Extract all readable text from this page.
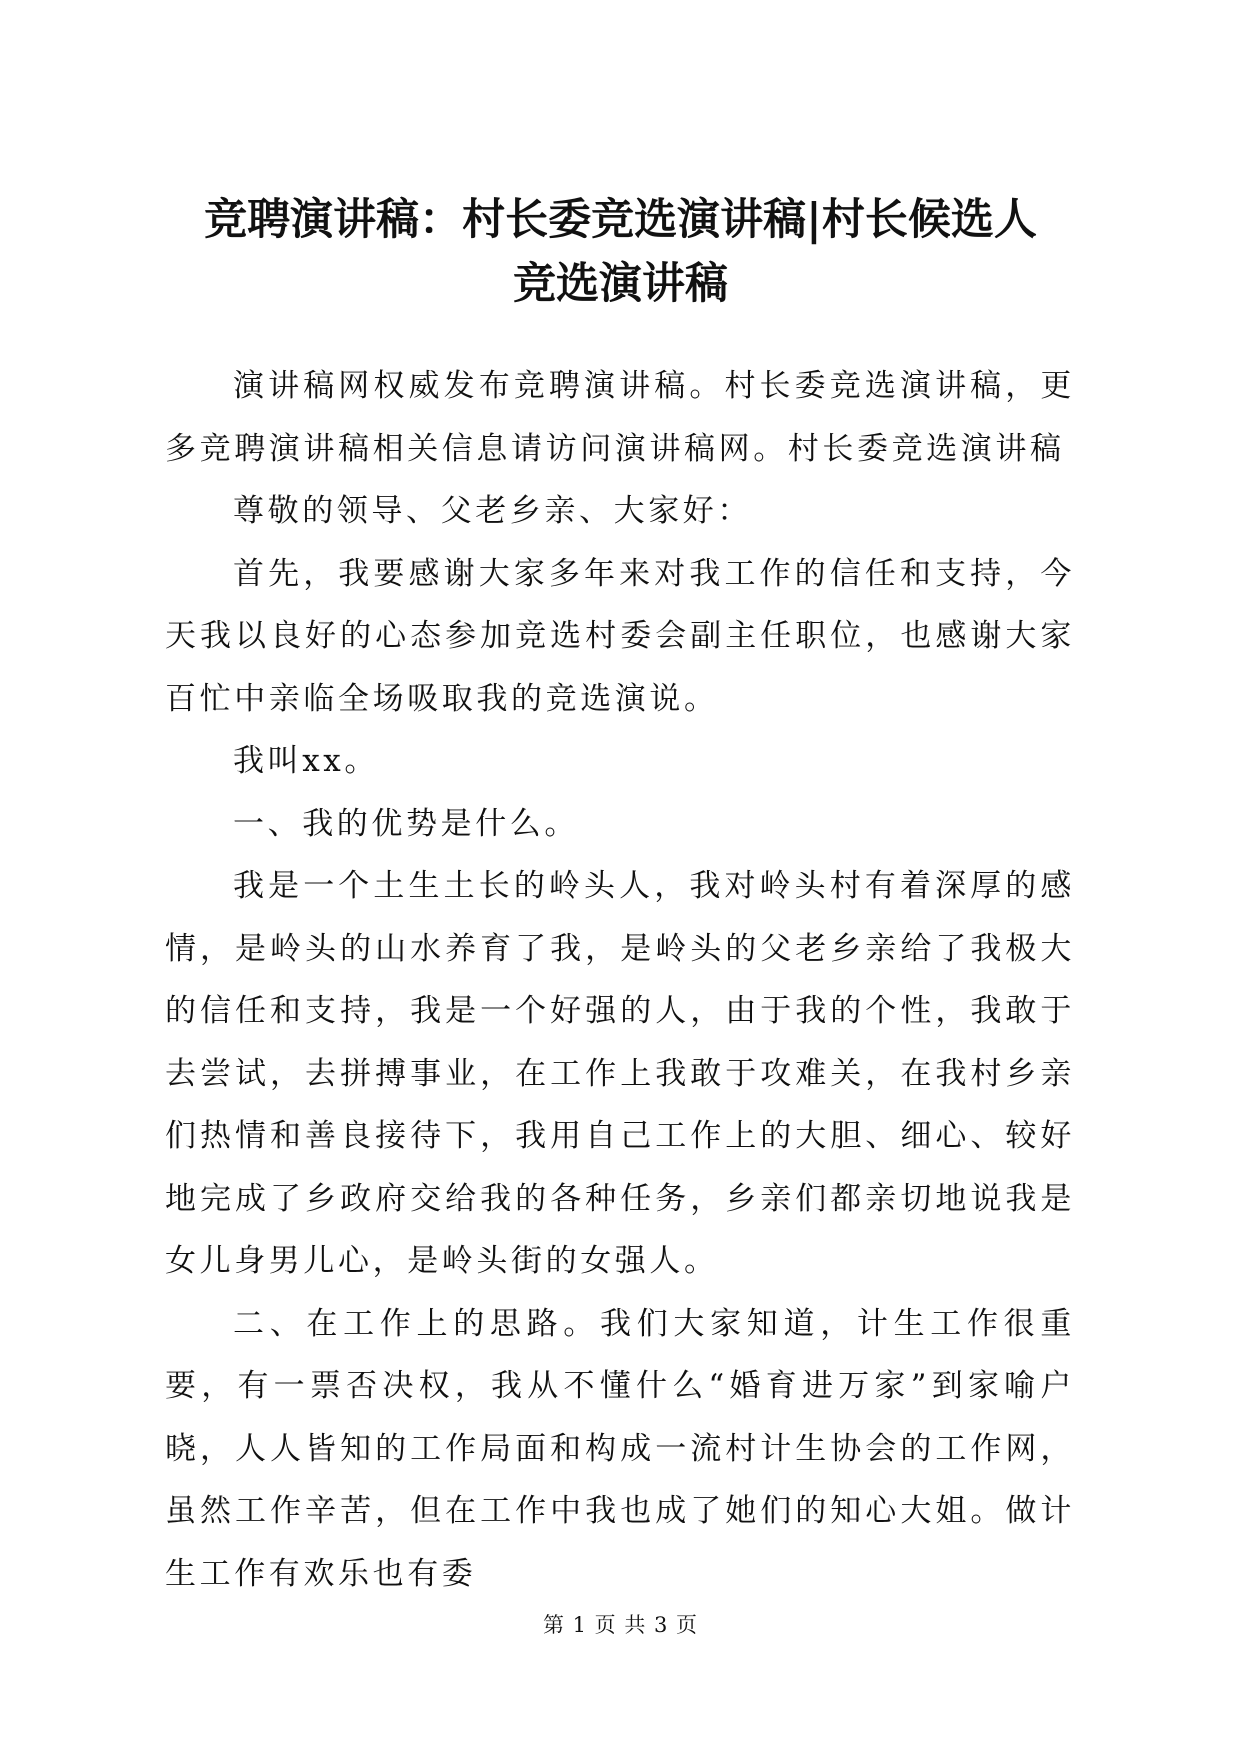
竞聘演讲稿：村长委竞选演讲稿|村长候选人
竞选演讲稿

演讲稿网权威发布竞聘演讲稿。村长委竞选演讲稿，更多竞聘演讲稿相关信息请访问演讲稿网。村长委竞选演讲稿

尊敬的领导、父老乡亲、大家好：

首先，我要感谢大家多年来对我工作的信任和支持，今天我以良好的心态参加竞选村委会副主任职位，也感谢大家百忙中亲临全场吸取我的竞选演说。

我叫xx。

一、我的优势是什么。

我是一个土生土长的岭头人，我对岭头村有着深厚的感情，是岭头的山水养育了我，是岭头的父老乡亲给了我极大的信任和支持，我是一个好强的人，由于我的个性，我敢于去尝试，去拼搏事业，在工作上我敢于攻难关，在我村乡亲们热情和善良接待下，我用自己工作上的大胆、细心、较好地完成了乡政府交给我的各种任务，乡亲们都亲切地说我是女儿身男儿心，是岭头街的女强人。

二、在工作上的思路。我们大家知道，计生工作很重要，有一票否决权，我从不懂什么“婚育进万家”到家喻户晓，人人皆知的工作局面和构成一流村计生协会的工作网，虽然工作辛苦，但在工作中我也成了她们的知心大姐。做计生工作有欢乐也有委

第 1 页 共 3 页
